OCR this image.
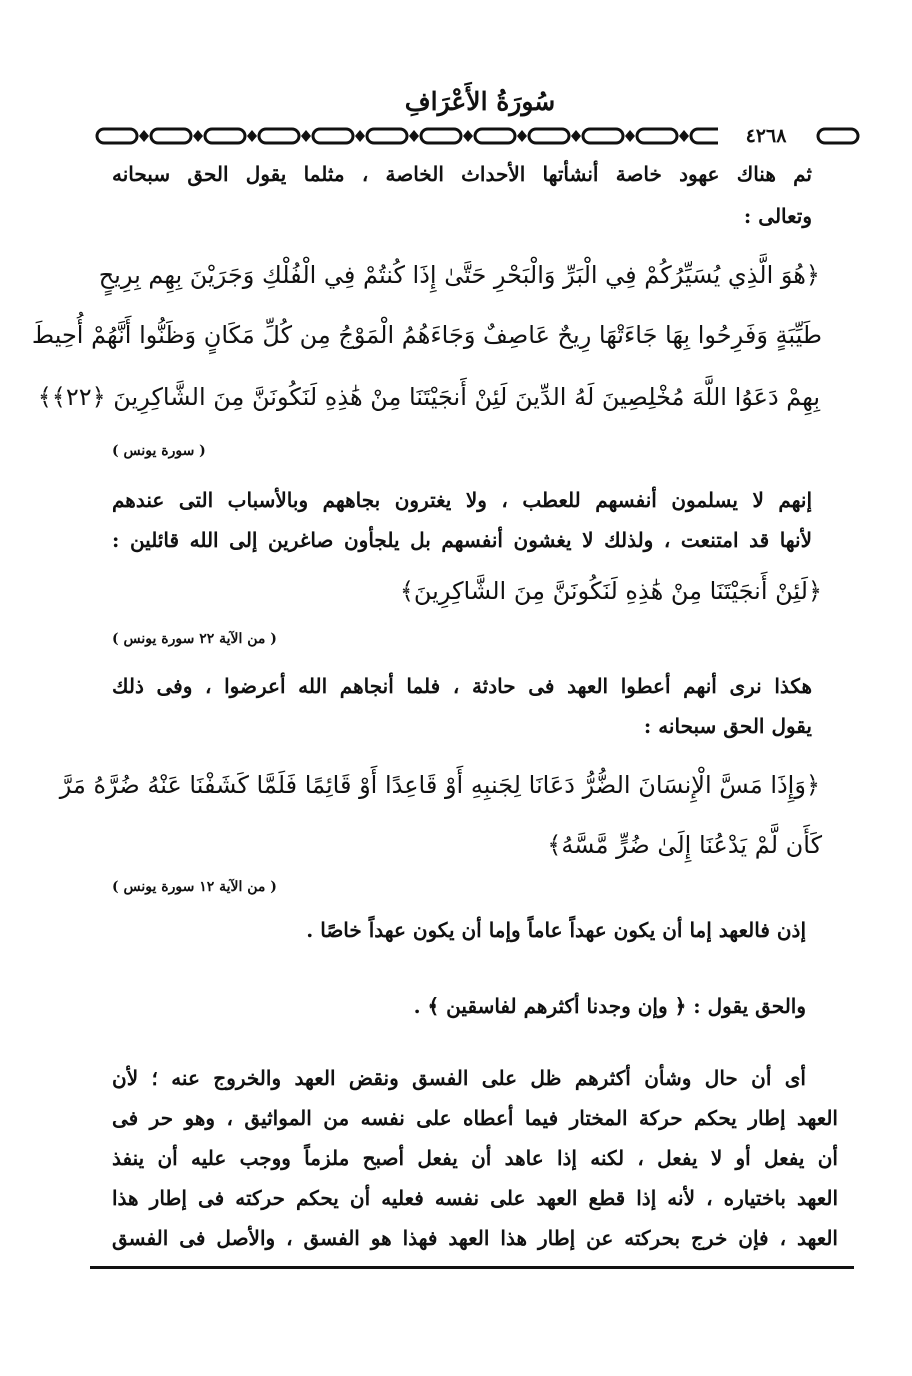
سُورَةُ الأَعْرَافِ
٤٢٦٨
ثم هناك عهود خاصة أنشأتها الأحداث الخاصة ، مثلما يقول الحق سبحانه
وتعالى :
﴿هُوَ الَّذِي يُسَيِّرُكُمْ فِي الْبَرِّ وَالْبَحْرِ حَتَّىٰ إِذَا كُنتُمْ فِي الْفُلْكِ وَجَرَيْنَ بِهِم بِرِيحٍ
طَيِّبَةٍ وَفَرِحُوا بِهَا جَاءَتْهَا رِيحٌ عَاصِفٌ وَجَاءَهُمُ الْمَوْجُ مِن كُلِّ مَكَانٍ وَظَنُّوا أَنَّهُمْ أُحِيطَ
بِهِمْ دَعَوُا اللَّهَ مُخْلِصِينَ لَهُ الدِّينَ لَئِنْ أَنجَيْتَنَا مِنْ هَٰذِهِ لَنَكُونَنَّ مِنَ الشَّاكِرِينَ ﴿٢٢﴾﴾
( سورة يونس )
إنهم لا يسلمون أنفسهم للعطب ، ولا يغترون بجاههم وبالأسباب التى عندهم
لأنها قد امتنعت ، ولذلك لا يغشون أنفسهم بل يلجأون صاغرين إلى الله قائلين :
﴿لَئِنْ أَنجَيْتَنَا مِنْ هَٰذِهِ لَنَكُونَنَّ مِنَ الشَّاكِرِينَ﴾
( من الآية ٢٢ سورة يونس )
هكذا نرى أنهم أعطوا العهد فى حادثة ، فلما أنجاهم الله أعرضوا ، وفى ذلك
يقول الحق سبحانه :
﴿وَإِذَا مَسَّ الْإِنسَانَ الضُّرُّ دَعَانَا لِجَنبِهِ أَوْ قَاعِدًا أَوْ قَائِمًا فَلَمَّا كَشَفْنَا عَنْهُ ضُرَّهُ مَرَّ
كَأَن لَّمْ يَدْعُنَا إِلَىٰ ضُرٍّ مَّسَّهُ﴾
( من الآية ١٢ سورة يونس )
إذن فالعهد إما أن يكون عهداً عاماً وإما أن يكون عهداً خاصًا .
والحق يقول : ﴿ وإن وجدنا أكثرهم لفاسقين ﴾ .
أى أن حال وشأن أكثرهم ظل على الفسق ونقض العهد والخروج عنه ؛ لأن
العهد إطار يحكم حركة المختار فيما أعطاه على نفسه من المواثيق ، وهو حر فى
أن يفعل أو لا يفعل ، لكنه إذا عاهد أن يفعل أصبح ملزماً ووجب عليه أن ينفذ
العهد باختياره ، لأنه إذا قطع العهد على نفسه فعليه أن يحكم حركته فى إطار هذا
العهد ، فإن خرج بحركته عن إطار هذا العهد فهذا هو الفسق ، والأصل فى الفسق
